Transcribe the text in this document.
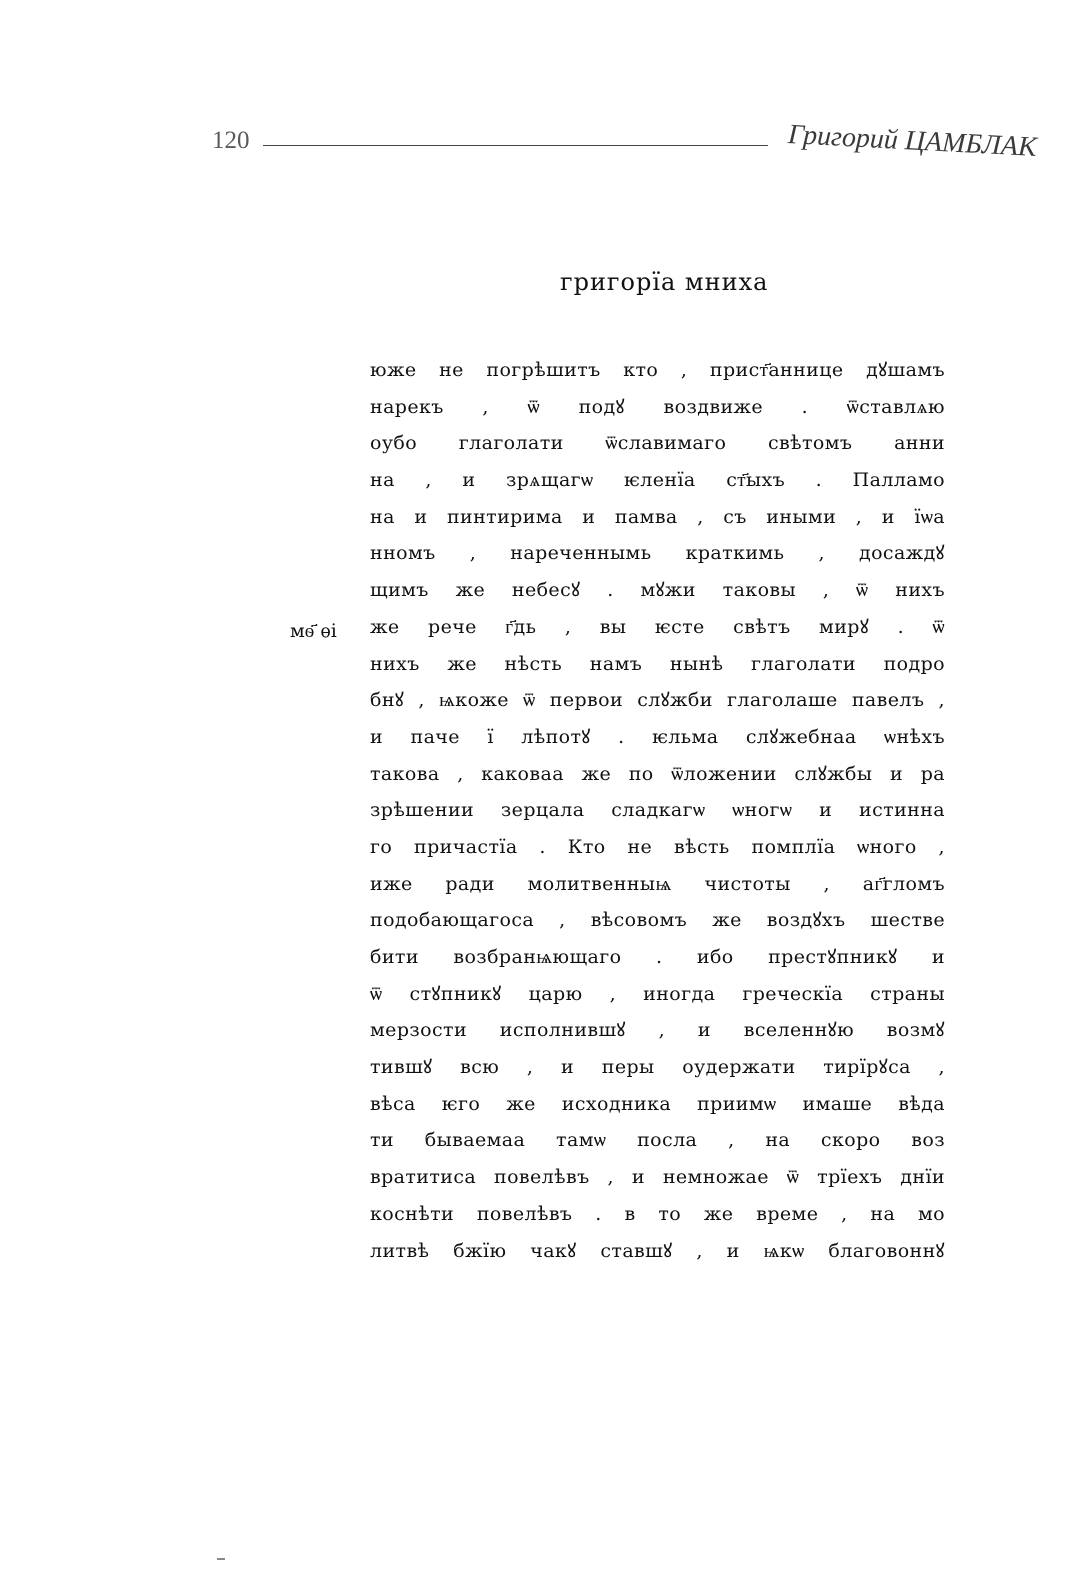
120	Григорий ЦАМБЛАК
григорїа мнихa
мѳ҃ ѳі
юже не погрѣшитъ кто , прист҃аннице дꙋшамъ
нарекъ , ѿ подꙋ воздвиже . ѿставлѧю
оубо глаголати ѿславимаго свѣтомъ анни
на , и зрѧщагѡ ѥленїа ст҃ыхъ . Палламо
на и пинтирима и памва , съ иными , и їѡа
нномъ , нареченнымь краткимь , досаждꙋ
щимъ же небесꙋ . мꙋжи таковы , ѿ нихъ
же рече г҃дь , вы ѥсте свѣтъ мирꙋ . ѿ
нихъ же нѣсть намъ нынѣ глаголати подро
бнꙋ , ѩкоже ѿ первои слꙋжби глаголаше павелъ ,
и паче ї лѣпотꙋ . ѥльма слꙋжебнаа ѡнѣхъ
такова , каковаа же по ѿложении слꙋжбы и ра
зрѣшении зерцала сладкагѡ ѡногѡ и истинна
го причастїа . Кто не вѣсть помплїа ѡного ,
иже ради молитвенныѩ чистоты , аг҃гломъ
подобающагоса , вѣсовомъ же воздꙋхъ шестве
бити возбранѩющаго . ибо престꙋпникꙋ и
ѿ стꙋпникꙋ царю , иногда греческїа страны
мерзости исполнившꙋ , и вселеннꙋю возмꙋ
тившꙋ всю , и перы оудержати тирїрꙋса ,
вѣса ѥго же исходника приимѡ имаше вѣда
ти бываемаа тамѡ посла , на скоро воз
вратитиса повелѣвъ , и немножае ѿ трїехъ днїи
коснѣти повелѣвъ . в то же време , на мо
литвѣ бжїю чакꙋ ставшꙋ , и ѩкѡ благовоннꙋ
